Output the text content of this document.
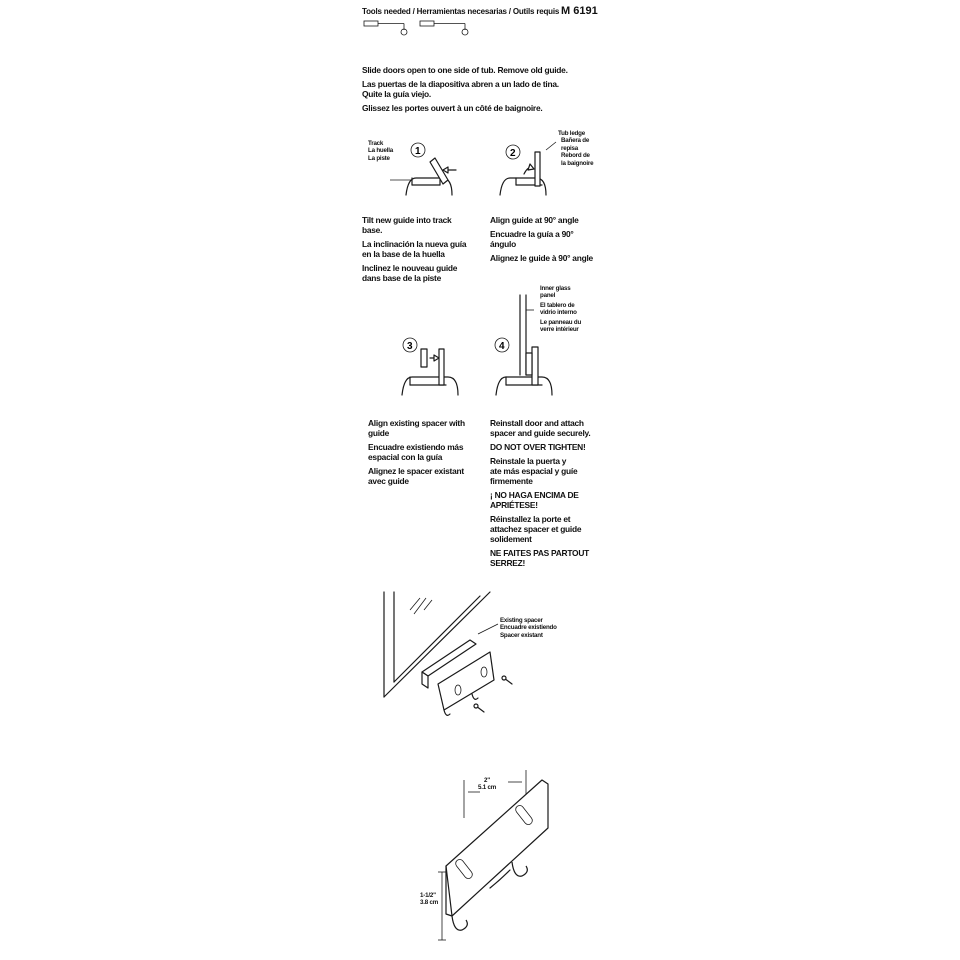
Tools needed / Herramientas necesarias / Outils requis M 6191
Slide doors open to one side of tub. Remove old guide.
Las puertas de la diapositiva abren a un lado de tina.
Quite la guía viejo.
Glissez les portes ouvert à un côté de baignoire.
Track
La huella
La piste
1	2
Tub ledge
Bañera de
repisa
Rebord de
la baignoire
Tilt new guide into track
base.
La inclinación la nueva guía
en la base de la huella
Inclinez le nouveau guide
dans base de la piste
Align guide at 90° angle
Encuadre la guía a 90°
ángulo
Alignez le guide à 90° angle
3	4
Inner glass
panel
El tablero de
vidrio interno
Le panneau du
verre intérieur
Align existing spacer with
guide
Encuadre existiendo más
espacial con la guía
Alignez le spacer existant
avec guide
Reinstall door and attach
spacer and guide securely.
DO NOT OVER TIGHTEN!
Reinstale la puerta y
ate más espacial y guíe
firmemente
¡ NO HAGA ENCIMA DE
APRIÉTESE!
Réinstallez la porte et
attachez spacer et guide
solidement
NE FAITES PAS PARTOUT
SERREZ!
Existing spacer
Encuadre existiendo
Spacer existant
2"
5.1 cm
1-1/2"
3.8 cm
